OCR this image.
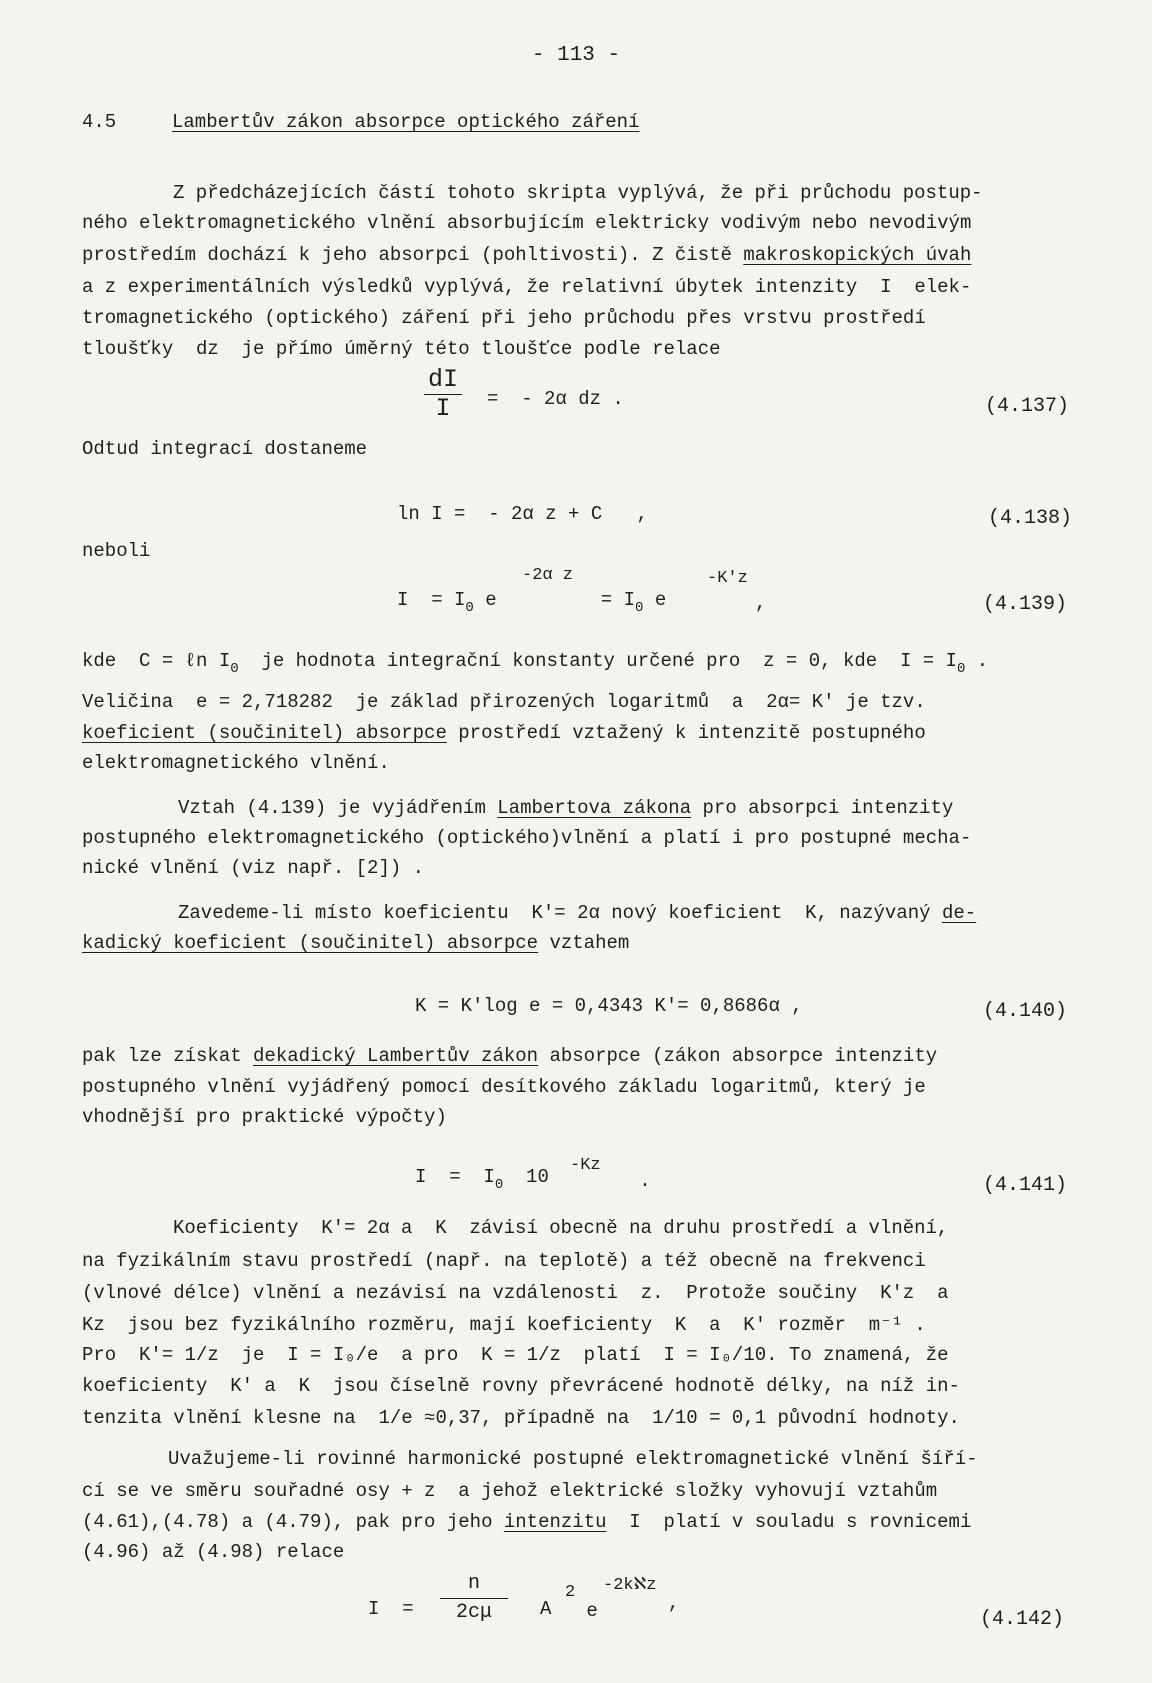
- 113 -
4.5	Lambertův zákon absorpce optického záření
Z předcházejících částí tohoto skripta vyplývá, že při průchodu postup-
ného elektromagnetického vlnění absorbujícím elektricky vodivým nebo nevodivým
prostředím dochází k jeho absorpci (pohltivosti). Z čistě makroskopických úvah
a z experimentálních výsledků vyplývá, že relativní úbytek intenzity  I  elek-
tromagnetického (optického) záření při jeho průchodu přes vrstvu prostředí
tloušťky  dz  je přímo úměrný této tloušťce podle relace
$\frac{dI}{I}$ =  - 2α dz .	(4.137)
Odtud integrací dostaneme
ln I =  - 2α z + C   ,	(4.138)
neboli
$I = I_0$ e
-2α z
= $I_0$ e
-K′z
,	(4.139)
kde  C = ℓn $I_0$  je hodnota integrační konstanty určené pro  z = 0, kde  $I = I_0$ .
Veličina  e = 2,718282  je základ přirozených logaritmů  a  2α= K′ je tzv.
koeficient (součinitel) absorpce prostředí vztažený k intenzitě postupného
elektromagnetického vlnění.
Vztah (4.139) je vyjádřením Lambertova zákona pro absorpci intenzity
postupného elektromagnetického (optického)vlnění a platí i pro postupné mecha-
nické vlnění (viz např. [2]) .
Zavedeme-li místo koeficientu  K′= 2α nový koeficient  K, nazývaný de-
kadický koeficient (součinitel) absorpce vztahem
K = K′log e = 0,4343 K′= 0,8686α ,	(4.140)
pak lze získat dekadický Lambertův zákon absorpce (zákon absorpce intenzity
postupného vlnění vyjádřený pomocí desítkového základu logaritmů, který je
vhodnější pro praktické výpočty)
$I = I_0$  10
-Kz
.	(4.141)
Koeficienty  K′= 2α a  K  závisí obecně na druhu prostředí a vlnění,
na fyzikálním stavu prostředí (např. na teplotě) a též obecně na frekvenci
(vlnové délce) vlnění a nezávisí na vzdálenosti  z.  Protože součiny  K′z  a
Kz  jsou bez fyzikálního rozměru, mají koeficienty  K  a  K′ rozměr  m⁻¹ .
Pro  K′= 1/z  je  I = I₀/e  a pro  K = 1/z  platí  I = I₀/10. To znamená, že
koeficienty  K′ a  K  jsou číselně rovny převrácené hodnotě délky, na níž in-
tenzita vlnění klesne na  1/e ≈0,37, případně na  1/10 = 0,1 původní hodnoty.
Uvažujeme-li rovinné harmonické postupné elektromagnetické vlnění šíří-
cí se ve směru souřadné osy + z  a jehož elektrické složky vyhovují vztahům
(4.61),(4.78) a (4.79), pak pro jeho intenzitu  I  platí v souladu s rovnicemi
(4.96) až (4.98) relace
$I = \frac{n}{2c\mu}$ A
2
e
-2kℵz
,
(4.142)
